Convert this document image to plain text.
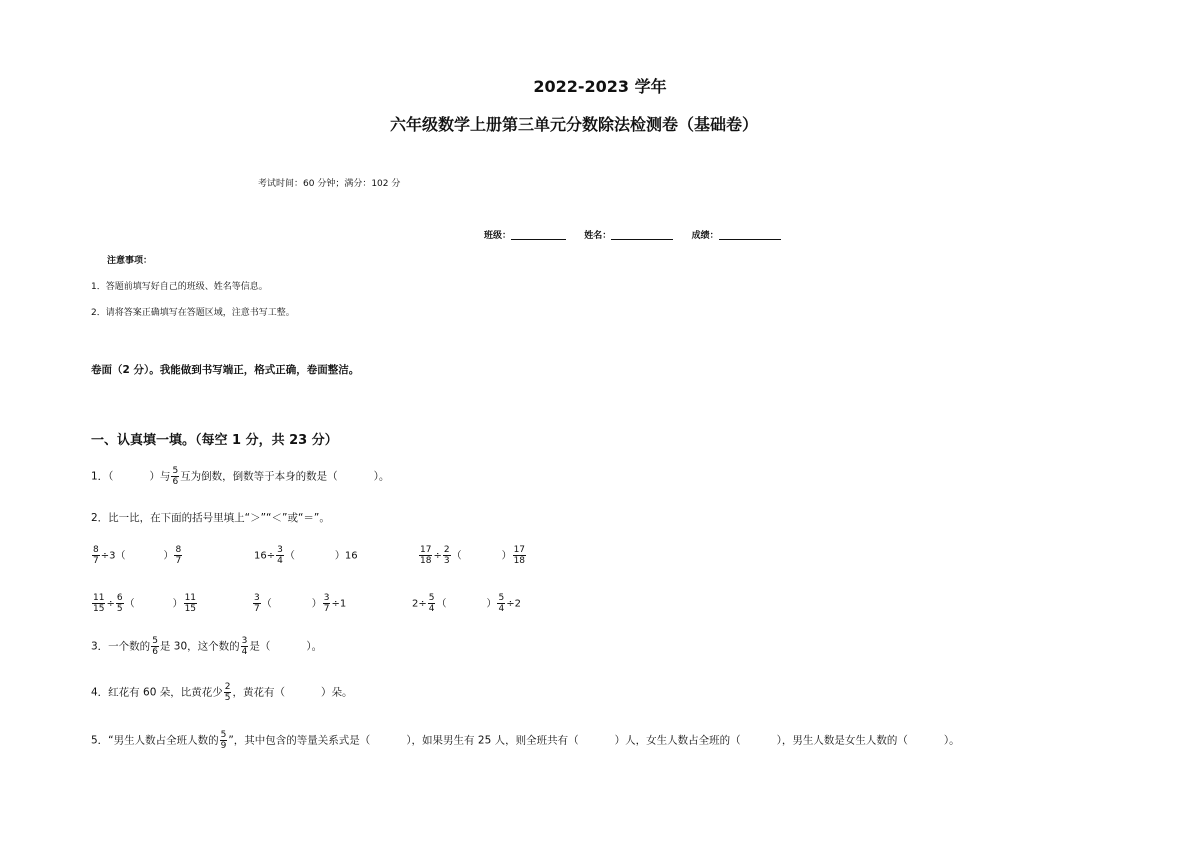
2022-2023 学年
六年级数学上册第三单元分数除法检测卷（基础卷）
考试时间：60 分钟；满分：102 分
班级：	姓名：	成绩：
注意事项：
1．答题前填写好自己的班级、姓名等信息。
2．请将答案正确填写在答题区域，注意书写工整。
卷面（2 分）。我能做到书写端正，格式正确，卷面整洁。
一、认真填一填。（每空 1 分，共 23 分）
1．（	）与 $\frac{5}{6}$ 互为倒数，倒数等于本身的数是（	）。
2．比一比，在下面的括号里填上“＞”“＜”或“＝”。
$\frac{8}{7} \div 3$（	） $\frac{8}{7}$	$16\div \frac{3}{4}$ （	）16	$\frac{17}{18} \div \frac{2}{3}$ （	） $\frac{17}{18}$
$\frac{11}{15} \div \frac{6}{5}$ （	） $\frac{11}{15}$	$\frac{3}{7}$ （	） $\frac{3}{7} \div 1$	$2\div \frac{5}{4}$ （	） $\frac{5}{4} \div 2$
3．一个数的 $\frac{5}{6}$ 是 30，这个数的 $\frac{3}{4}$ 是（	）。
4．红花有 60 朵，比黄花少 $\frac{2}{5}$ ，黄花有（	）朵。
5．“男生人数占全班人数的 $\frac{5}{9}$ ”，其中包含的等量关系式是（	），如果男生有 25 人，则全班共有（	）人，女生人数占全班的（	），男生人数是女生人数的（	）。
